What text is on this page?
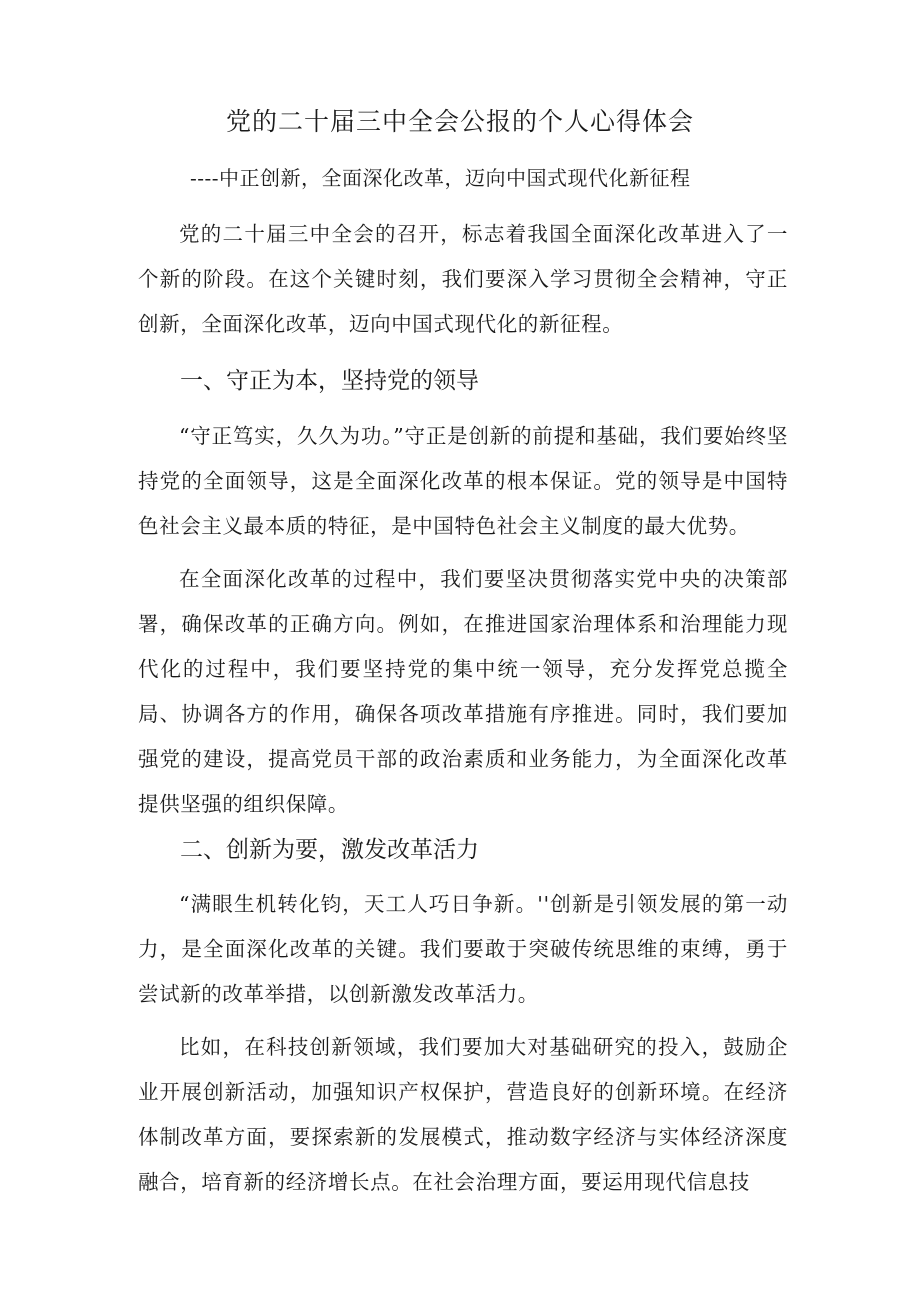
党的二十届三中全会公报的个人心得体会

----中正创新，全面深化改革，迈向中国式现代化新征程

党的二十届三中全会的召开，标志着我国全面深化改革进入了一个新的阶段。在这个关键时刻，我们要深入学习贯彻全会精神，守正创新，全面深化改革，迈向中国式现代化的新征程。

一、守正为本，坚持党的领导

“守正笃实，久久为功。”守正是创新的前提和基础，我们要始终坚持党的全面领导，这是全面深化改革的根本保证。党的领导是中国特色社会主义最本质的特征，是中国特色社会主义制度的最大优势。

在全面深化改革的过程中，我们要坚决贯彻落实党中央的决策部署，确保改革的正确方向。例如，在推进国家治理体系和治理能力现代化的过程中，我们要坚持党的集中统一领导，充分发挥党总揽全局、协调各方的作用，确保各项改革措施有序推进。同时，我们要加强党的建设，提高党员干部的政治素质和业务能力，为全面深化改革提供坚强的组织保障。

二、创新为要，激发改革活力

“满眼生机转化钧，天工人巧日争新。''创新是引领发展的第一动力，是全面深化改革的关键。我们要敢于突破传统思维的束缚，勇于尝试新的改革举措，以创新激发改革活力。

比如，在科技创新领域，我们要加大对基础研究的投入，鼓励企业开展创新活动，加强知识产权保护，营造良好的创新环境。在经济体制改革方面，要探索新的发展模式，推动数字经济与实体经济深度融合，培育新的经济增长点。在社会治理方面，要运用现代信息技
